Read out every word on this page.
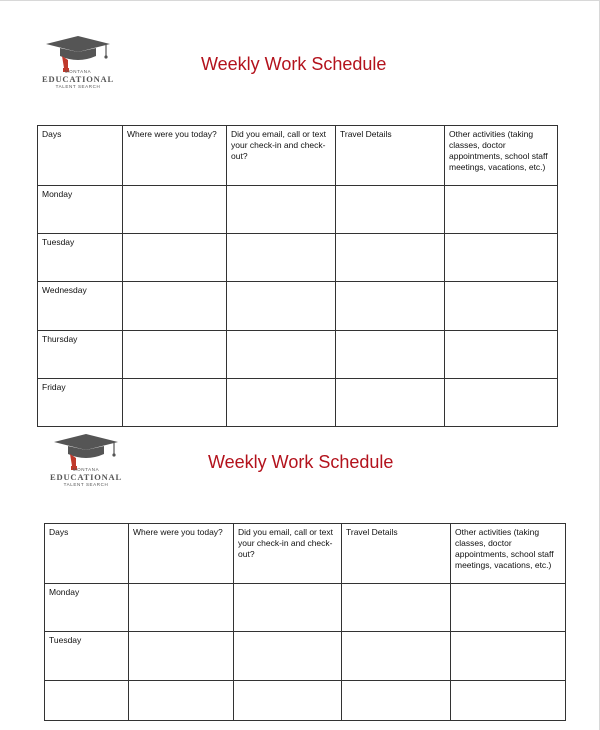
MONTANA
EDUCATIONAL
TALENT SEARCH
Weekly Work Schedule
Days	Where were you today?	Did you email, call or text your check-in and check-out?	Travel Details	Other activities (taking classes, doctor appointments, school staff meetings, vacations, etc.)
Monday				
Tuesday				
Wednesday				
Thursday				
Friday				
MONTANA
EDUCATIONAL
TALENT SEARCH
Weekly Work Schedule
Days	Where were you today?	Did you email, call or text your check-in and check-out?	Travel Details	Other activities (taking classes, doctor appointments, school staff meetings, vacations, etc.)
Monday				
Tuesday				
